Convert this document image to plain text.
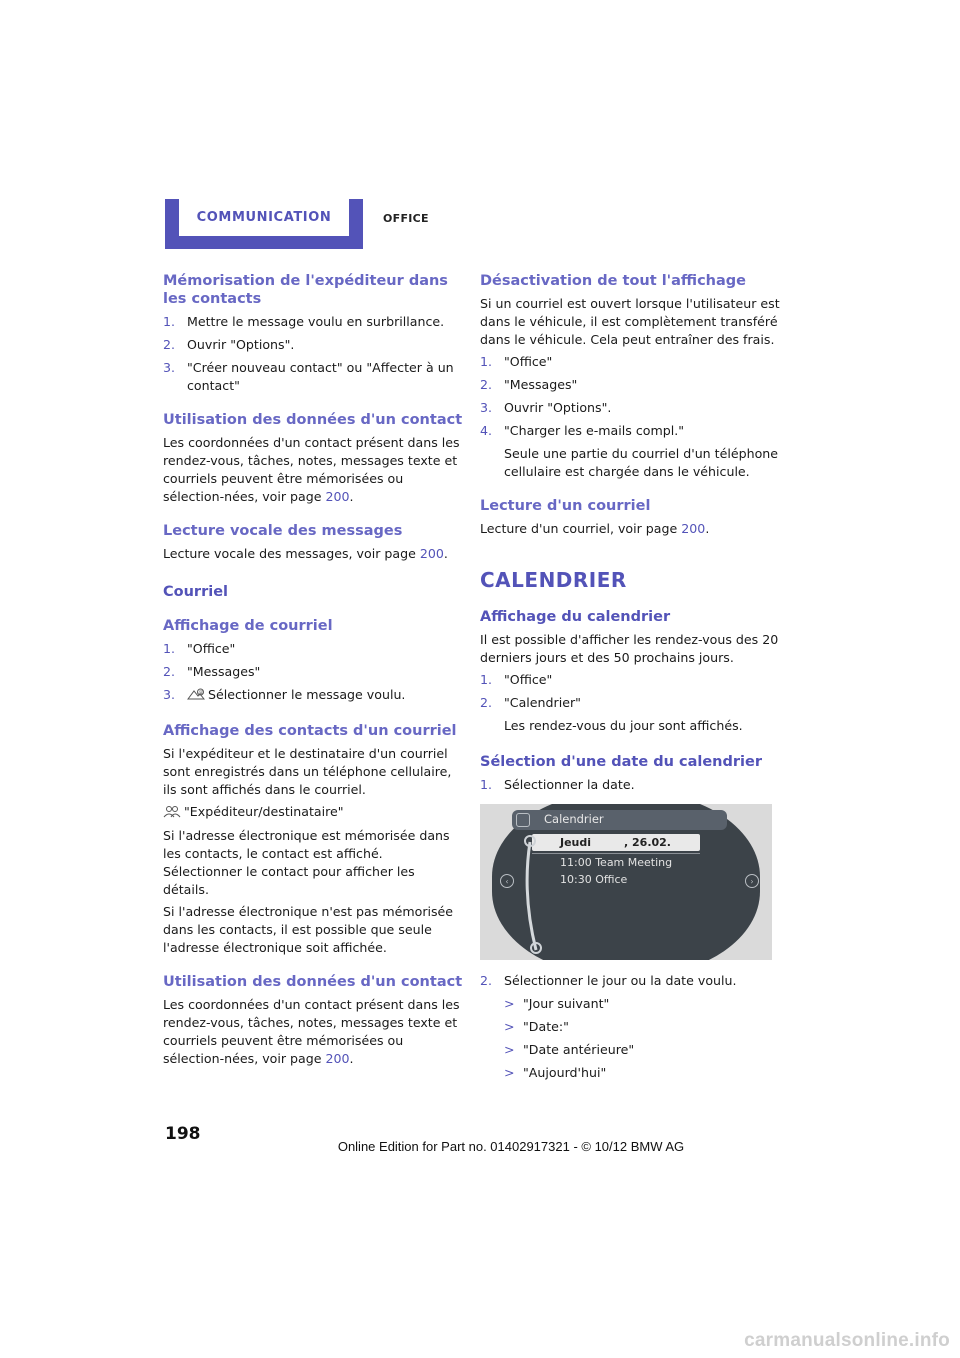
COMMUNICATION	OFFICE
Mémorisation de l'expéditeur dans les contacts
1. Mettre le message voulu en surbrillance.
2. Ouvrir "Options".
3. "Créer nouveau contact" ou "Affecter à un contact"
Utilisation des données d'un contact

Les coordonnées d'un contact présent dans les rendez-vous, tâches, notes, messages texte et courriels peuvent être mémorisées ou sélection-nées, voir page 200.

Lecture vocale des messages

Lecture vocale des messages, voir page 200.

Courriel
Affichage de courriel
1. "Office"
2. "Messages"
3.	@ Sélectionner le message voulu.
Affichage des contacts d'un courriel

Si l'expéditeur et le destinataire d'un courriel sont enregistrés dans un téléphone cellulaire, ils sont affichés dans le courriel.

"Expéditeur/destinataire"

Si l'adresse électronique est mémorisée dans les contacts, le contact est affiché. Sélectionner le contact pour afficher les détails.

Si l'adresse électronique n'est pas mémorisée dans les contacts, il est possible que seule l'adresse électronique soit affichée.

Utilisation des données d'un contact

Les coordonnées d'un contact présent dans les rendez-vous, tâches, notes, messages texte et courriels peuvent être mémorisées ou sélection-nées, voir page 200.

Désactivation de tout l'affichage

Si un courriel est ouvert lorsque l'utilisateur est dans le véhicule, il est complètement transféré dans le véhicule. Cela peut entraîner des frais.

1. "Office"
2. "Messages"
3. Ouvrir "Options".
4. "Charger les e-mails compl."

Seule une partie du courriel d'un téléphone cellulaire est chargée dans le véhicule.

Lecture d'un courriel

Lecture d'un courriel, voir page 200.

CALENDRIER
Affichage du calendrier

Il est possible d'afficher les rendez-vous des 20 derniers jours et des 50 prochains jours.

1. "Office"
2. "Calendrier"

Les rendez-vous du jour sont affichés.

Sélection d'une date du calendrier
1. Sélectionner la date.
Calendrier
Jeudi	, 26.02.
11:00 Team Meeting
10:30 Office
‹	›
2. Sélectionner le jour ou la date voulu.
> "Jour suivant"
> "Date:"
> "Date antérieure"
> "Aujourd'hui"
198
Online Edition for Part no. 01402917321 - © 10/12 BMW AG
carmanualsonline.info
